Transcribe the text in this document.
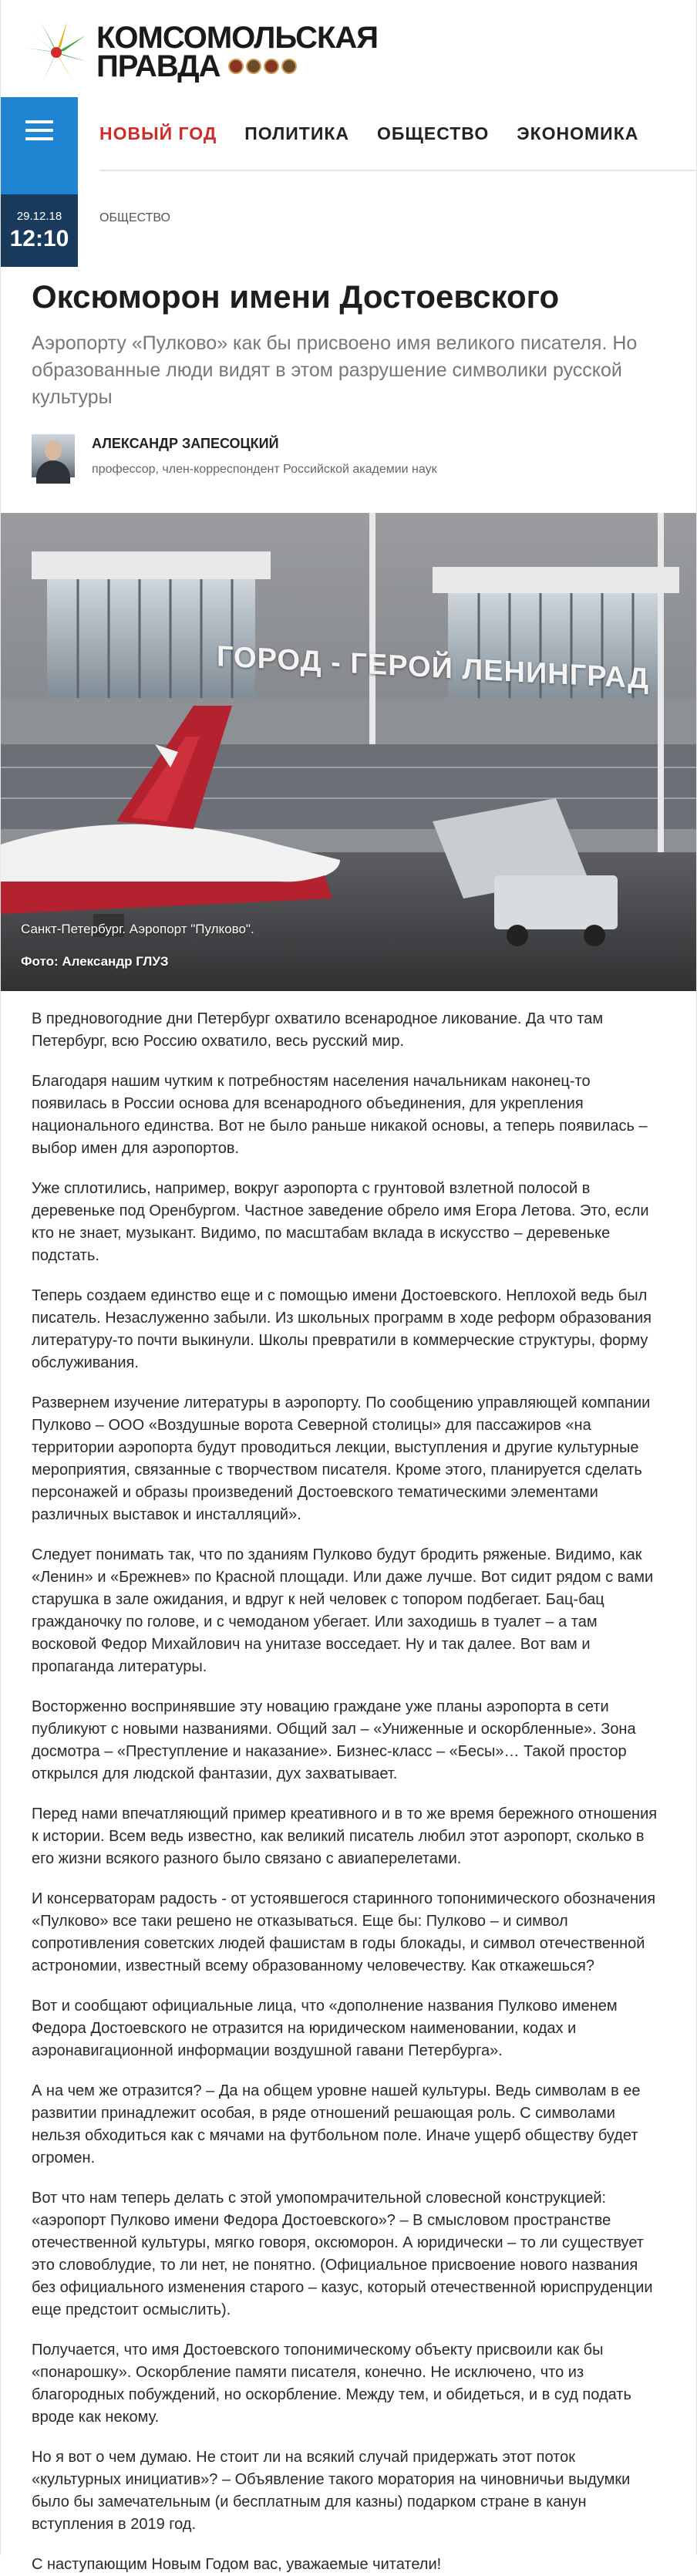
КОМСОМОЛЬСКАЯ
ПРАВДА
29.12.18
12:10
НОВЫЙ ГОД ПОЛИТИКА ОБЩЕСТВО ЭКОНОМИКА
ОБЩЕСТВО
Оксюморон имени Достоевского
Аэропорту «Пулково» как бы присвоено имя великого писателя. Но образованные люди видят в этом разрушение символики русской культуры
АЛЕКСАНДР ЗАПЕСОЦКИЙ
профессор, член-корреспондент Российской академии наук
ГОРОД - ГЕРОЙ ЛЕНИНГРАД
Санкт-Петербург. Аэропорт "Пулково".
Фото: Александр ГЛУЗ

В предновогодние дни Петербург охватило всенародное ликование. Да что там Петербург, всю Россию охватило, весь русский мир.

Благодаря нашим чутким к потребностям населения начальникам наконец-то появилась в России основа для всенародного объединения, для укрепления национального единства. Вот не было раньше никакой основы, а теперь появилась – выбор имен для аэропортов.

Уже сплотились, например, вокруг аэропорта с грунтовой взлетной полосой в деревеньке под Оренбургом. Частное заведение обрело имя Егора Летова. Это, если кто не знает, музыкант. Видимо, по масштабам вклада в искусство – деревеньке подстать.

Теперь создаем единство еще и с помощью имени Достоевского. Неплохой ведь был писатель. Незаслуженно забыли. Из школьных программ в ходе реформ образования литературу-то почти выкинули. Школы превратили в коммерческие структуры, форму обслуживания.

Развернем изучение литературы в аэропорту. По сообщению управляющей компании Пулково – ООО «Воздушные ворота Северной столицы» для пассажиров «на территории аэропорта будут проводиться лекции, выступления и другие культурные мероприятия, связанные с творчеством писателя. Кроме этого, планируется сделать персонажей и образы произведений Достоевского тематическими элементами различных выставок и инсталляций».

Следует понимать так, что по зданиям Пулково будут бродить ряженые. Видимо, как «Ленин» и «Брежнев» по Красной площади. Или даже лучше. Вот сидит рядом с вами старушка в зале ожидания, и вдруг к ней человек с топором подбегает. Бац-бац гражданочку по голове, и с чемоданом убегает. Или заходишь в туалет – а там восковой Федор Михайлович на унитазе восседает. Ну и так далее. Вот вам и пропаганда литературы.

Восторженно воспринявшие эту новацию граждане уже планы аэропорта в сети публикуют с новыми названиями. Общий зал – «Униженные и оскорбленные». Зона досмотра – «Преступление и наказание». Бизнес-класс – «Бесы»… Такой простор открылся для людской фантазии, дух захватывает.

Перед нами впечатляющий пример креативного и в то же время бережного отношения к истории. Всем ведь известно, как великий писатель любил этот аэропорт, сколько в его жизни всякого разного было связано с авиаперелетами.

И консерваторам радость - от устоявшегося старинного топонимического обозначения «Пулково» все таки решено не отказываться. Еще бы: Пулково – и символ сопротивления советских людей фашистам в годы блокады, и символ отечественной астрономии, известный всему образованному человечеству. Как откажешься?

Вот и сообщают официальные лица, что «дополнение названия Пулково именем Федора Достоевского не отразится на юридическом наименовании, кодах и аэронавигационной информации воздушной гавани Петербурга».

А на чем же отразится? – Да на общем уровне нашей культуры. Ведь символам в ее развитии принадлежит особая, в ряде отношений решающая роль. С символами нельзя обходиться как с мячами на футбольном поле. Иначе ущерб обществу будет огромен.

Вот что нам теперь делать с этой умопомрачительной словесной конструкцией: «аэропорт Пулково имени Федора Достоевского»? – В смысловом пространстве отечественной культуры, мягко говоря, оксюморон. А юридически – то ли существует это словоблудие, то ли нет, не понятно. (Официальное присвоение нового названия без официального изменения старого – казус, который отечественной юриспруденции еще предстоит осмыслить).

Получается, что имя Достоевского топонимическому объекту присвоили как бы «понарошку». Оскорбление памяти писателя, конечно. Не исключено, что из благородных побуждений, но оскорбление. Между тем, и обидеться, и в суд подать вроде как некому.

Но я вот о чем думаю. Не стоит ли на всякий случай придержать этот поток «культурных инициатив»? – Объявление такого моратория на чиновничьи выдумки было бы замечательным (и бесплатным для казны) подарком стране в канун вступления в 2019 год.

С наступающим Новым Годом вас, уважаемые читатели!
